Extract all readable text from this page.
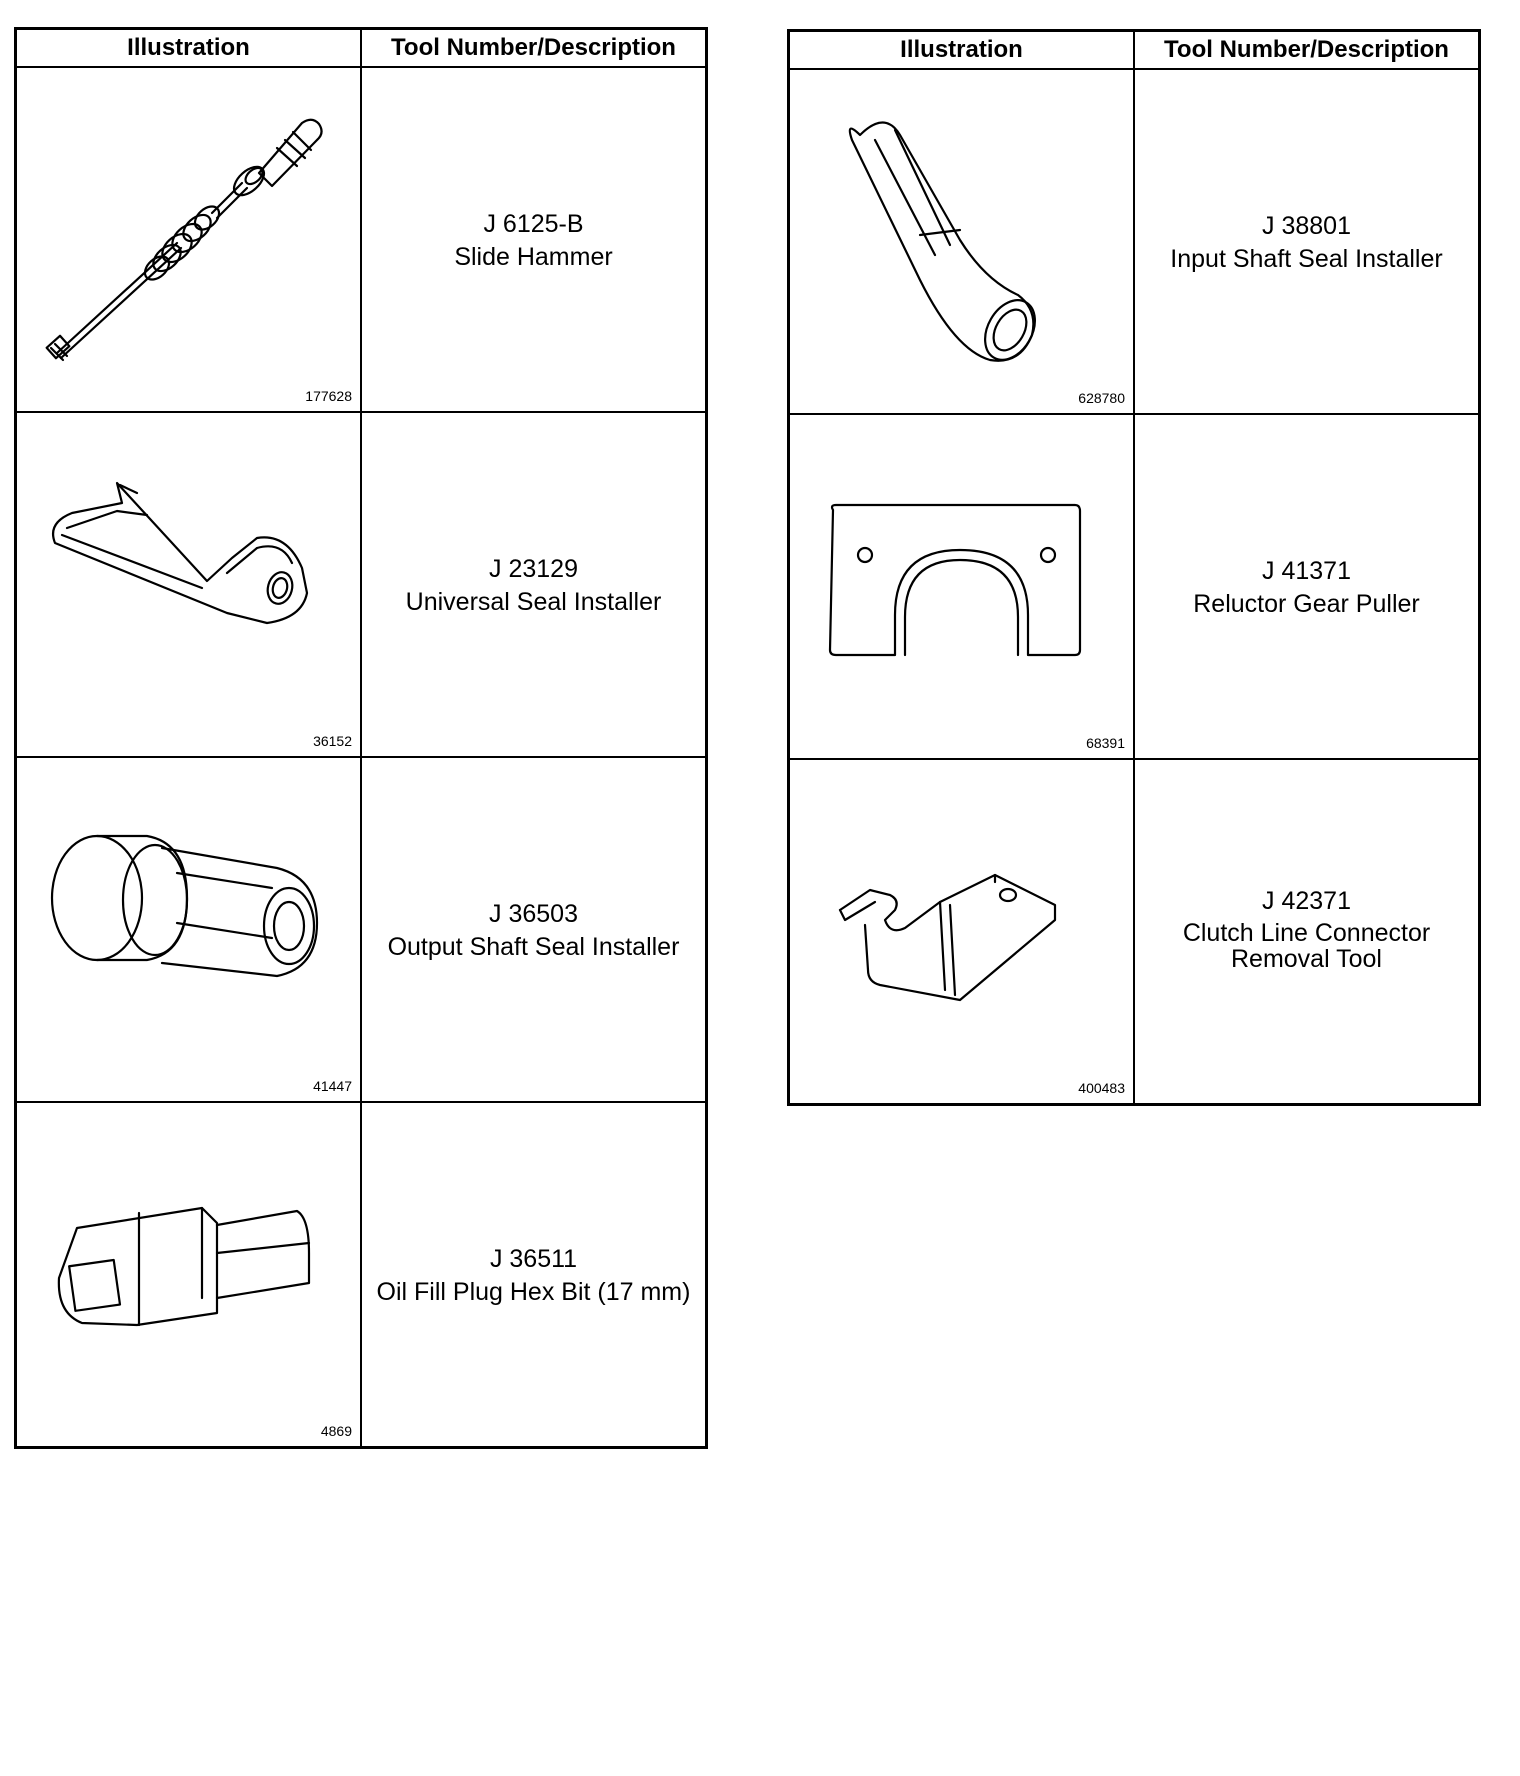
Illustration	Tool Number/Description

177628	J 6125-B
Slide Hammer

36152	J 23129
Universal Seal Installer

41447	J 36503
Output Shaft Seal Installer

4869	J 36511
Oil Fill Plug Hex Bit (17 mm)
Illustration	Tool Number/Description

628780	J 38801
Input Shaft Seal Installer

68391	J 41371
Reluctor Gear Puller

400483	J 42371
Clutch Line Connector Removal Tool
